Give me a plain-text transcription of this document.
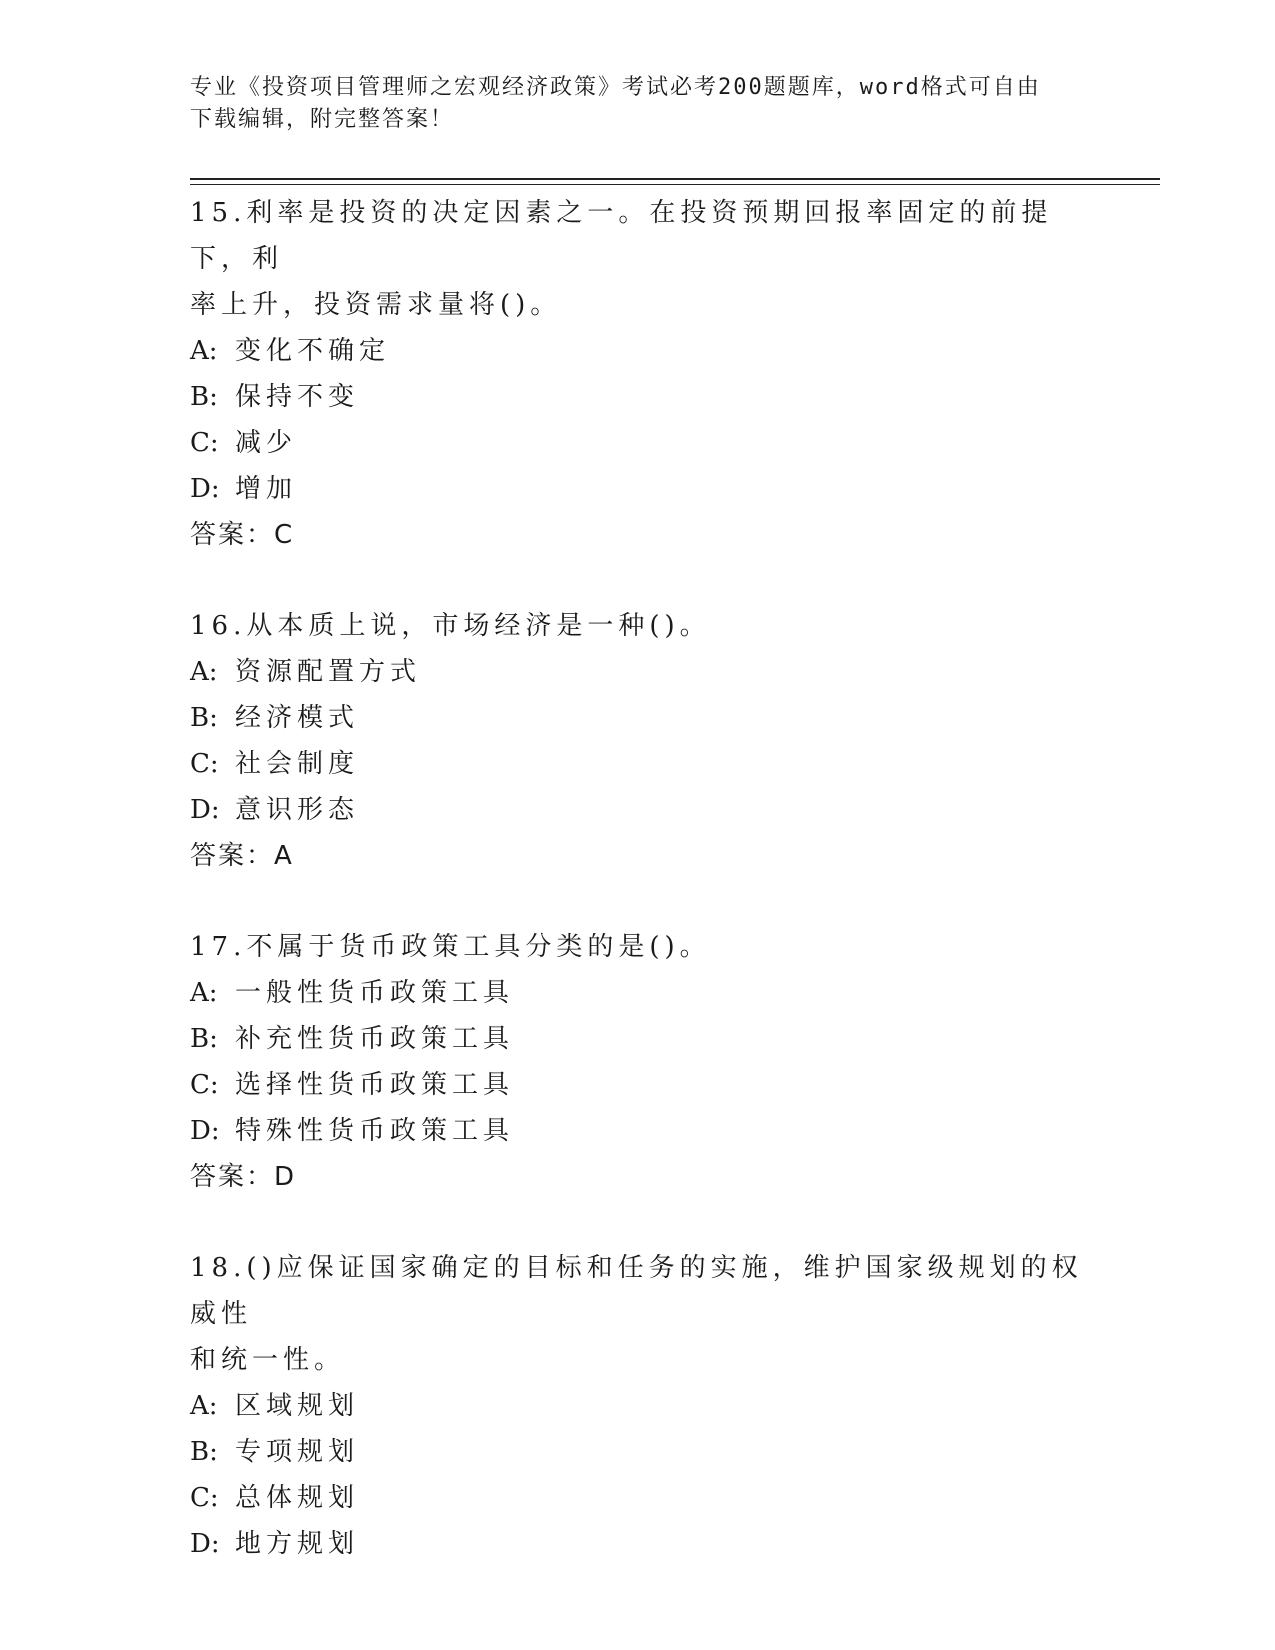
专业《投资项目管理师之宏观经济政策》考试必考200题题库，word格式可自由
下载编辑，附完整答案！
15.利率是投资的决定因素之一。在投资预期回报率固定的前提下，利
率上升，投资需求量将()。
A: 变化不确定
B: 保持不变
C: 减少
D: 增加
答案：C
16.从本质上说，市场经济是一种()。
A: 资源配置方式
B: 经济模式
C: 社会制度
D: 意识形态
答案：A
17.不属于货币政策工具分类的是()。
A: 一般性货币政策工具
B: 补充性货币政策工具
C: 选择性货币政策工具
D: 特殊性货币政策工具
答案：D
18.()应保证国家确定的目标和任务的实施，维护国家级规划的权威性
和统一性。
A: 区域规划
B: 专项规划
C: 总体规划
D: 地方规划
